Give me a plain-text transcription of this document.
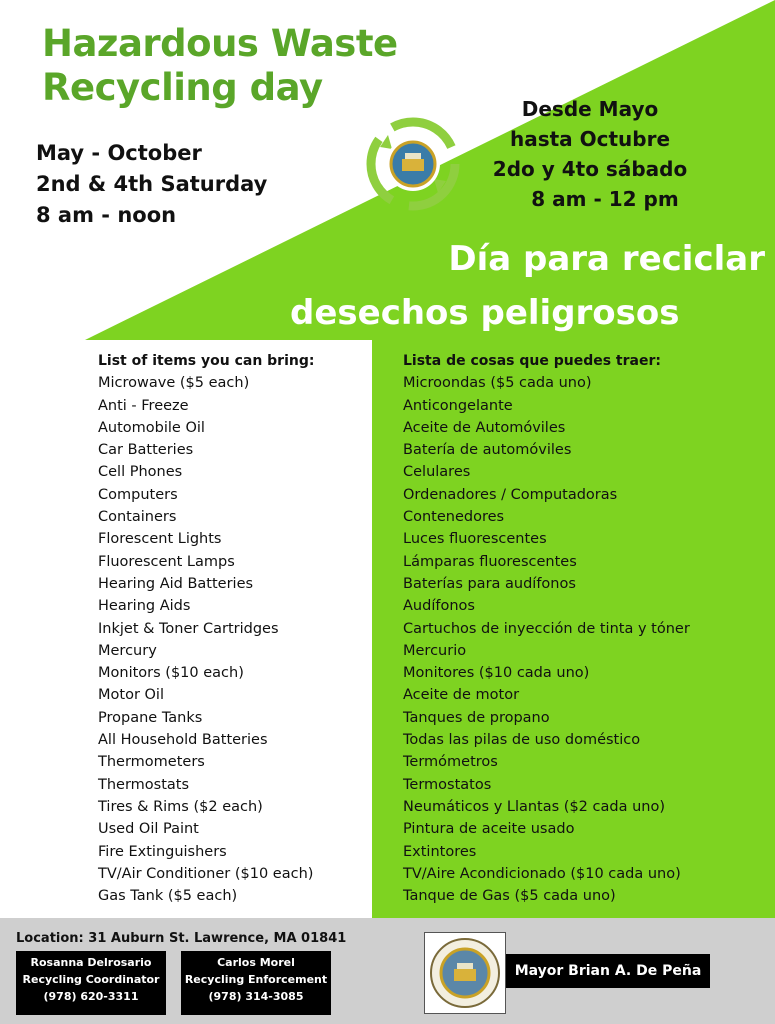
Hazardous Waste
Recycling day
May - October
2nd & 4th Saturday
8 am - noon
Desde Mayo
hasta Octubre
2do y 4to sábado
8 am - 12 pm
Día para reciclar
desechos peligrosos
List of items you can bring:
Microwave ($5 each)
Anti - Freeze
Automobile Oil
Car Batteries
Cell Phones
Computers
Containers
Florescent Lights
Fluorescent Lamps
Hearing Aid Batteries
Hearing Aids
Inkjet & Toner Cartridges
Mercury
Monitors ($10 each)
Motor Oil
Propane Tanks
All Household Batteries
Thermometers
Thermostats
Tires & Rims ($2 each)
Used Oil Paint
Fire Extinguishers
TV/Air Conditioner ($10 each)
Gas Tank ($5 each)
Lista de cosas que puedes traer:
Microondas ($5 cada uno)
Anticongelante
Aceite de Automóviles
Batería de automóviles
Celulares
Ordenadores / Computadoras
Contenedores
Luces fluorescentes
Lámparas fluorescentes
Baterías para audífonos
Audífonos
Cartuchos de inyección de tinta y tóner
Mercurio
Monitores ($10 cada uno)
Aceite de motor
Tanques de propano
Todas las pilas de uso doméstico
Termómetros
Termostatos
Neumáticos y Llantas ($2 cada uno)
Pintura de aceite usado
Extintores
TV/Aire Acondicionado ($10 cada uno)
Tanque de Gas ($5 cada uno)
Location: 31 Auburn St. Lawrence, MA 01841
Rosanna Delrosario
Recycling Coordinator
(978) 620-3311
Carlos Morel
Recycling Enforcement
(978) 314-3085
Mayor Brian A. De Peña
